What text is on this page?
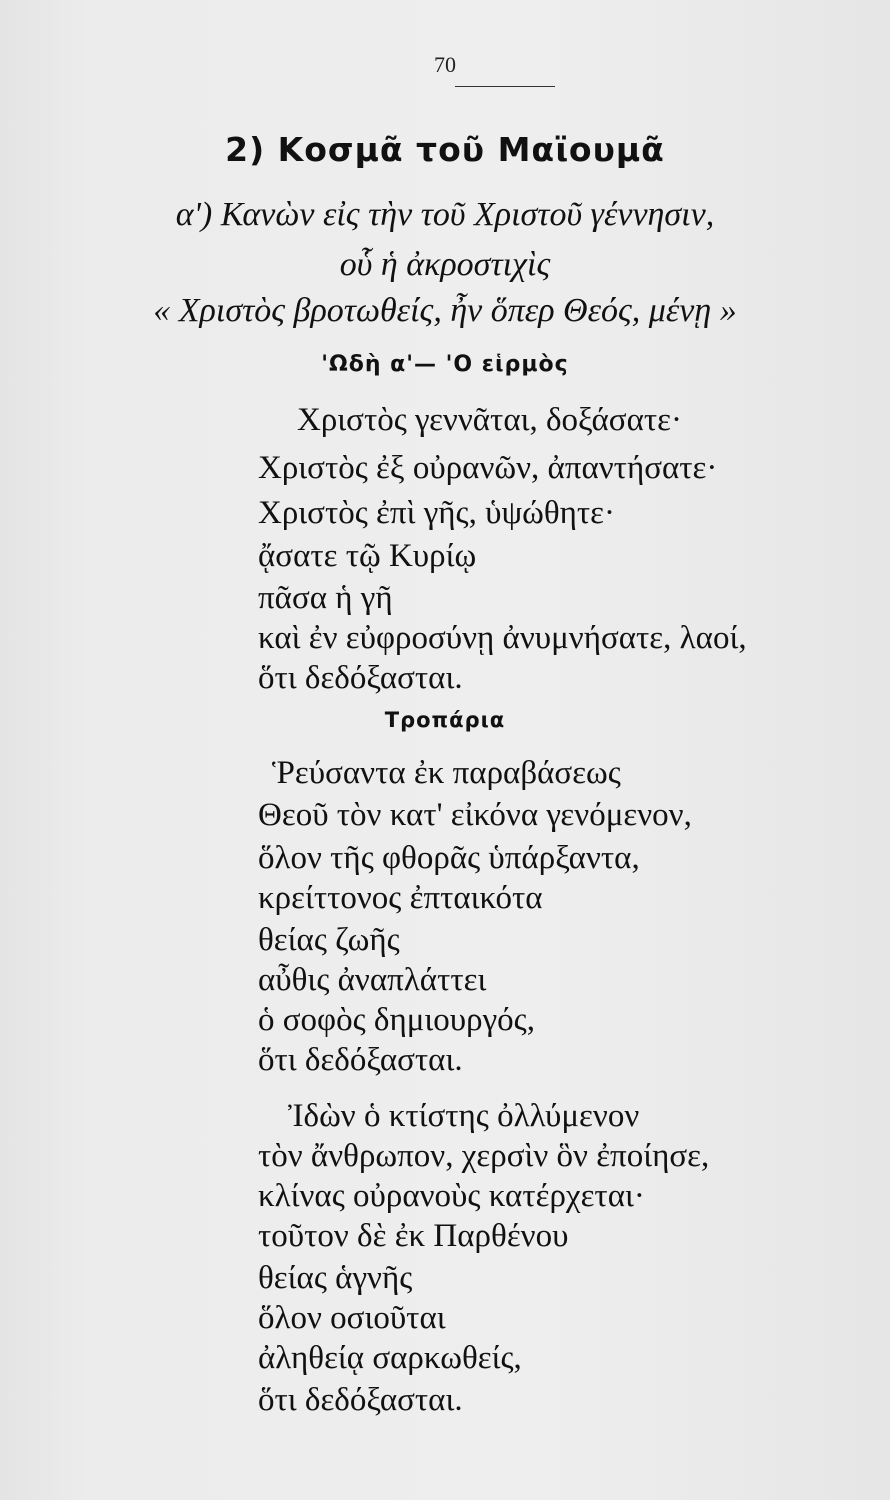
70
2) Κοσμᾶ τοῦ Μαϊουμᾶ
α') Κανὼν εἰς τὴν τοῦ Χριστοῦ γέννησιν,
οὗ ἡ ἀκροστιχὶς
« Χριστὸς βροτωθείς, ἦν ὅπερ Θεός, μένῃ »
'Ωδὴ α'— 'Ο εἱρμὸς
Χριστὸς γεννᾶται, δοξάσατε·
Χριστὸς ἐξ οὐρανῶν, ἀπαντήσατε·
Χριστὸς ἐπὶ γῆς, ὑψώθητε·
ᾄσατε τῷ Κυρίῳ
πᾶσα ἡ γῆ
καὶ ἐν εὐφροσύνῃ ἀνυμνήσατε, λαοί,
ὅτι δεδόξασται.
Τροπάρια
Ῥεύσαντα ἐκ παραβάσεως
Θεοῦ τὸν κατ' εἰκόνα γενόμενον,
ὅλον τῆς φθορᾶς ὑπάρξαντα,
κρείττονος ἐπταικότα
θείας ζωῆς
αὖθις ἀναπλάττει
ὁ σοφὸς δημιουργός,
ὅτι δεδόξασται.
Ἰδὼν ὁ κτίστης ὀλλύμενον
τὸν ἄνθρωπον, χερσὶν ὃν ἐποίησε,
κλίνας οὐρανοὺς κατέρχεται·
τοῦτον δὲ ἐκ Παρθένου
θείας ἁγνῆς
ὅλον οσιοῦται
ἀληθείᾳ σαρκωθείς,
ὅτι δεδόξασται.
